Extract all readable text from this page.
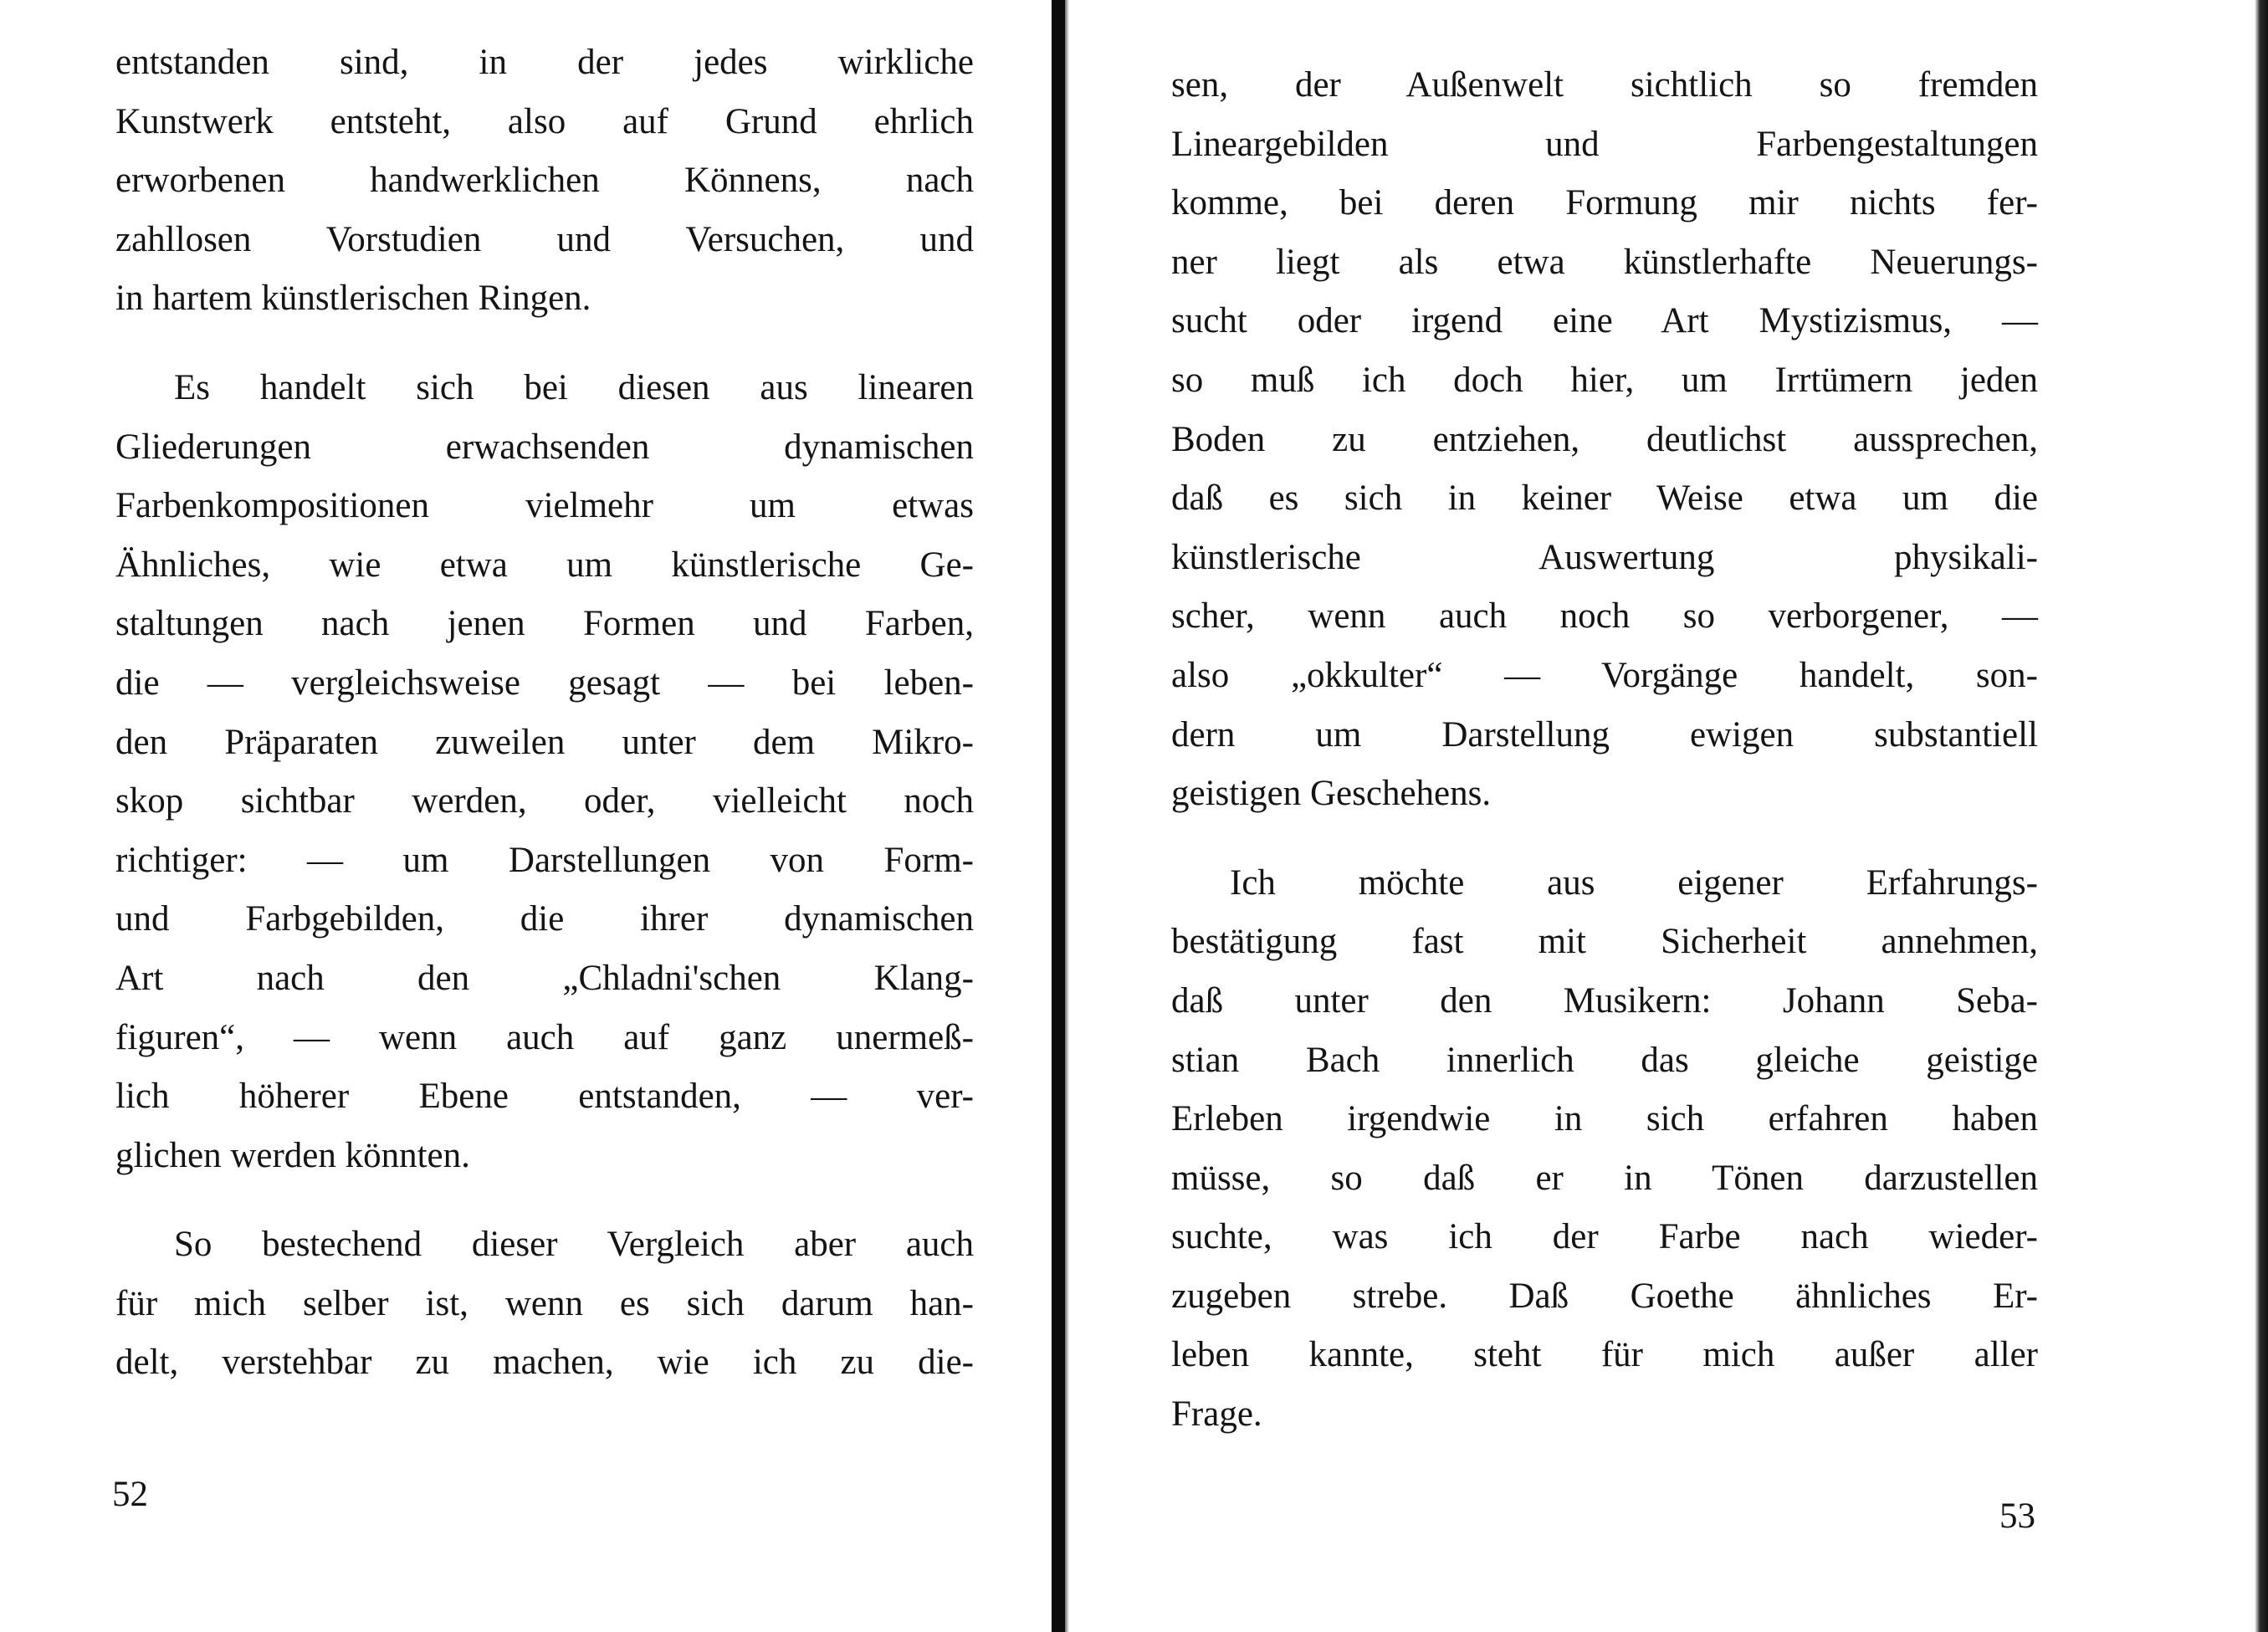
entstanden sind, in der jedes wirkliche
Kunstwerk entsteht, also auf Grund ehrlich
erworbenen handwerklichen Könnens, nach
zahllosen Vorstudien und Versuchen, und
in hartem künstlerischen Ringen.
Es handelt sich bei diesen aus linearen
Gliederungen erwachsenden dynamischen
Farbenkompositionen vielmehr um etwas
Ähnliches, wie etwa um künstlerische Ge-
staltungen nach jenen Formen und Farben,
die — vergleichsweise gesagt — bei leben-
den Präparaten zuweilen unter dem Mikro-
skop sichtbar werden, oder, vielleicht noch
richtiger: — um Darstellungen von Form-
und Farbgebilden, die ihrer dynamischen
Art nach den „Chladni'schen Klang-
figuren“, — wenn auch auf ganz unermeß-
lich höherer Ebene entstanden, — ver-
glichen werden könnten.
So bestechend dieser Vergleich aber auch
für mich selber ist, wenn es sich darum han-
delt, verstehbar zu machen, wie ich zu die-
52
sen, der Außenwelt sichtlich so fremden
Lineargebilden und Farbengestaltungen
komme, bei deren Formung mir nichts fer-
ner liegt als etwa künstlerhafte Neuerungs-
sucht oder irgend eine Art Mystizismus, —
so muß ich doch hier, um Irrtümern jeden
Boden zu entziehen, deutlichst aussprechen,
daß es sich in keiner Weise etwa um die
künstlerische Auswertung physikali-
scher, wenn auch noch so verborgener, —
also „okkulter“ — Vorgänge handelt, son-
dern um Darstellung ewigen substantiell
geistigen Geschehens.
Ich möchte aus eigener Erfahrungs-
bestätigung fast mit Sicherheit annehmen,
daß unter den Musikern: Johann Seba-
stian Bach innerlich das gleiche geistige
Erleben irgendwie in sich erfahren haben
müsse, so daß er in Tönen darzustellen
suchte, was ich der Farbe nach wieder-
zugeben strebe. Daß Goethe ähnliches Er-
leben kannte, steht für mich außer aller
Frage.
53
